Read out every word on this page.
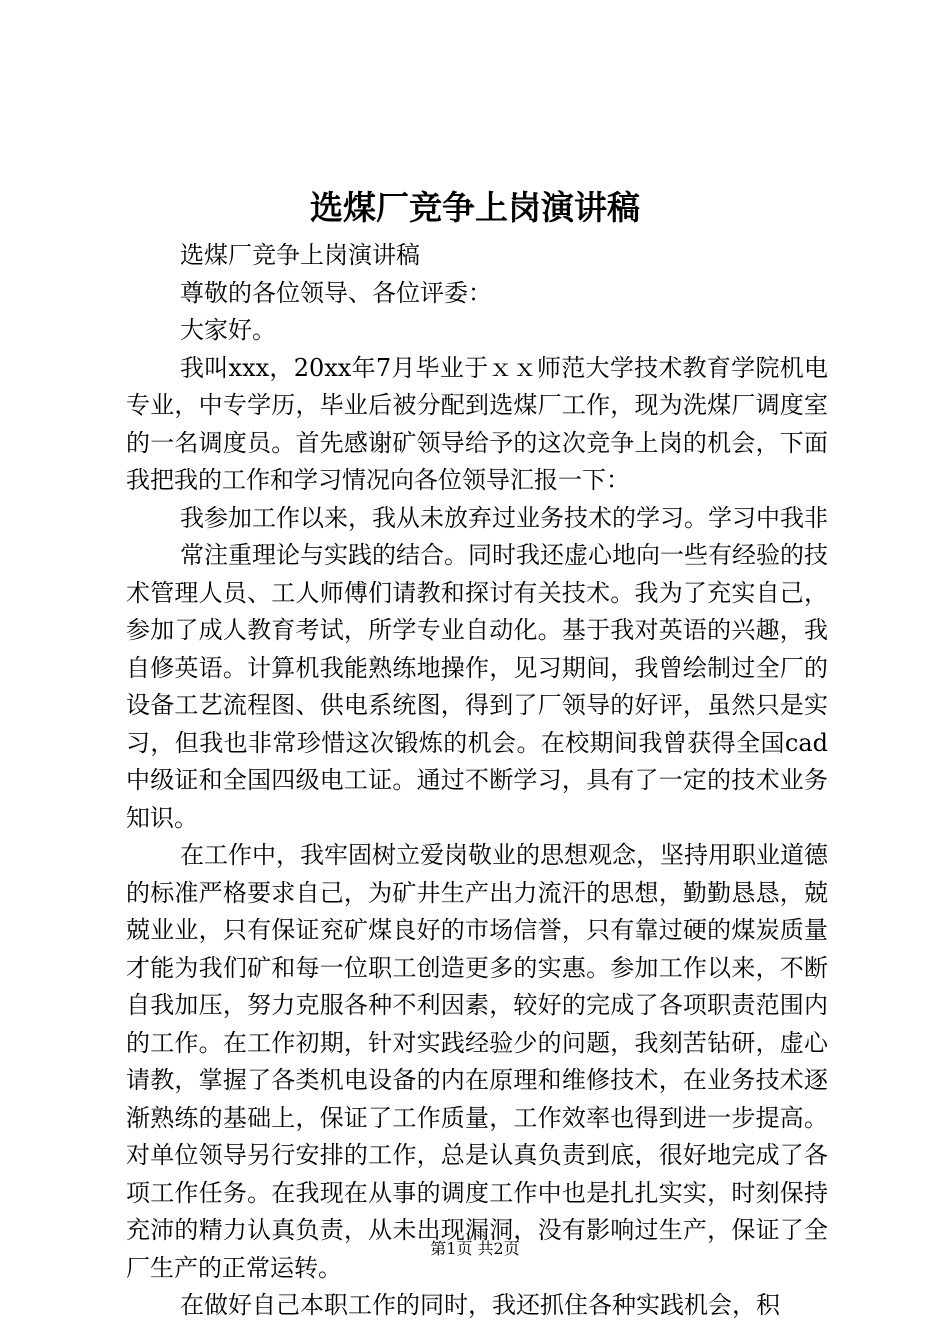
选煤厂竞争上岗演讲稿

选煤厂竞争上岗演讲稿

尊敬的各位领导、各位评委：

大家好。

我叫xxx，20xx年7月毕业于ｘｘ师范大学技术教育学院机电专业，中专学历，毕业后被分配到选煤厂工作，现为洗煤厂调度室的一名调度员。首先感谢矿领导给予的这次竞争上岗的机会，下面我把我的工作和学习情况向各位领导汇报一下：

我参加工作以来，我从未放弃过业务技术的学习。学习中我非

常注重理论与实践的结合。同时我还虚心地向一些有经验的技术管理人员、工人师傅们请教和探讨有关技术。我为了充实自己，参加了成人教育考试，所学专业自动化。基于我对英语的兴趣，我自修英语。计算机我能熟练地操作，见习期间，我曾绘制过全厂的设备工艺流程图、供电系统图，得到了厂领导的好评，虽然只是实习，但我也非常珍惜这次锻炼的机会。在校期间我曾获得全国cad中级证和全国四级电工证。通过不断学习，具有了一定的技术业务知识。

在工作中，我牢固树立爱岗敬业的思想观念，坚持用职业道德的标准严格要求自己，为矿井生产出力流汗的思想，勤勤恳恳，兢兢业业，只有保证兖矿煤良好的市场信誉，只有靠过硬的煤炭质量才能为我们矿和每一位职工创造更多的实惠。参加工作以来，不断自我加压，努力克服各种不利因素，较好的完成了各项职责范围内的工作。在工作初期，针对实践经验少的问题，我刻苦钻研，虚心请教，掌握了各类机电设备的内在原理和维修技术，在业务技术逐渐熟练的基础上，保证了工作质量，工作效率也得到进一步提高。对单位领导另行安排的工作，总是认真负责到底，很好地完成了各项工作任务。在我现在从事的调度工作中也是扎扎实实，时刻保持充沛的精力认真负责，从未出现漏洞，没有影响过生产，保证了全厂生产的正常运转。

在做好自己本职工作的同时，我还抓住各种实践机会，积

第1页 共2页
